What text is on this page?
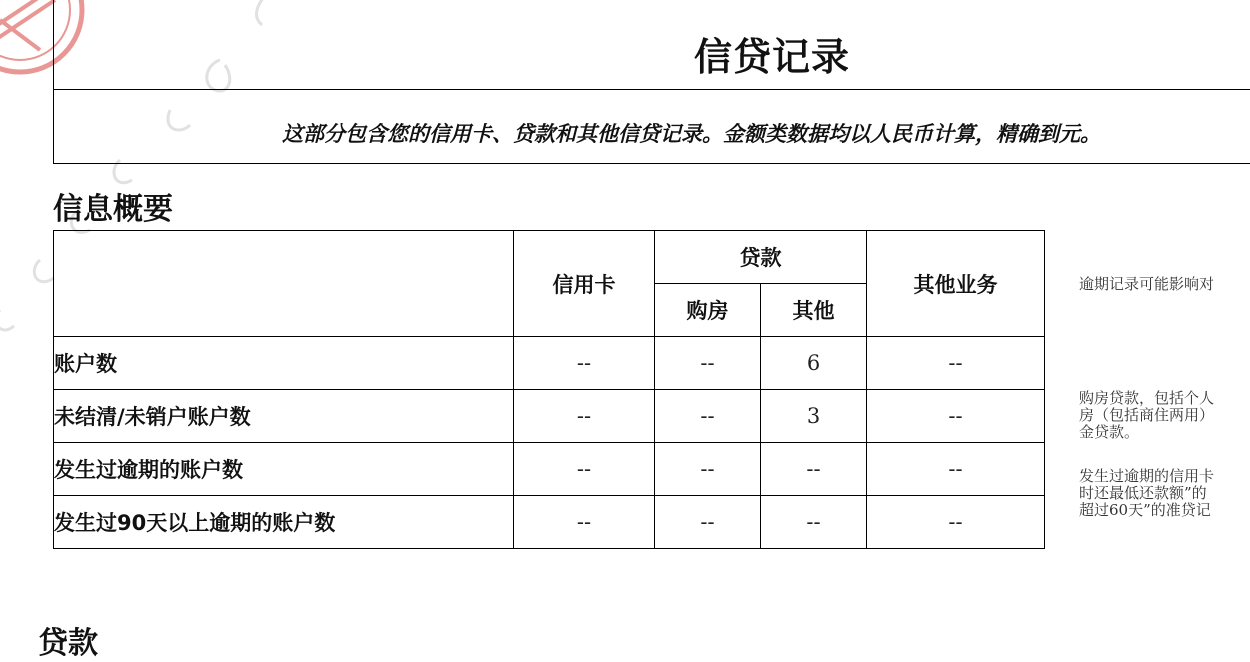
信贷记录
这部分包含您的信用卡、贷款和其他信贷记录。金额类数据均以人民币计算，精确到元。
信息概要
	信用卡	贷款		其他业务
		购房	其他	
账户数	--	--	6	--
未结清/未销户账户数	--	--	3	--
发生过逾期的账户数	--	--	--	--
发生过90天以上逾期的账户数	--	--	--	--
逾期记录可能影响对
购房贷款，包括个人
房（包括商住两用）
金贷款。
发生过逾期的信用卡
时还最低还款额”的
超过60天”的准贷记
贷款
